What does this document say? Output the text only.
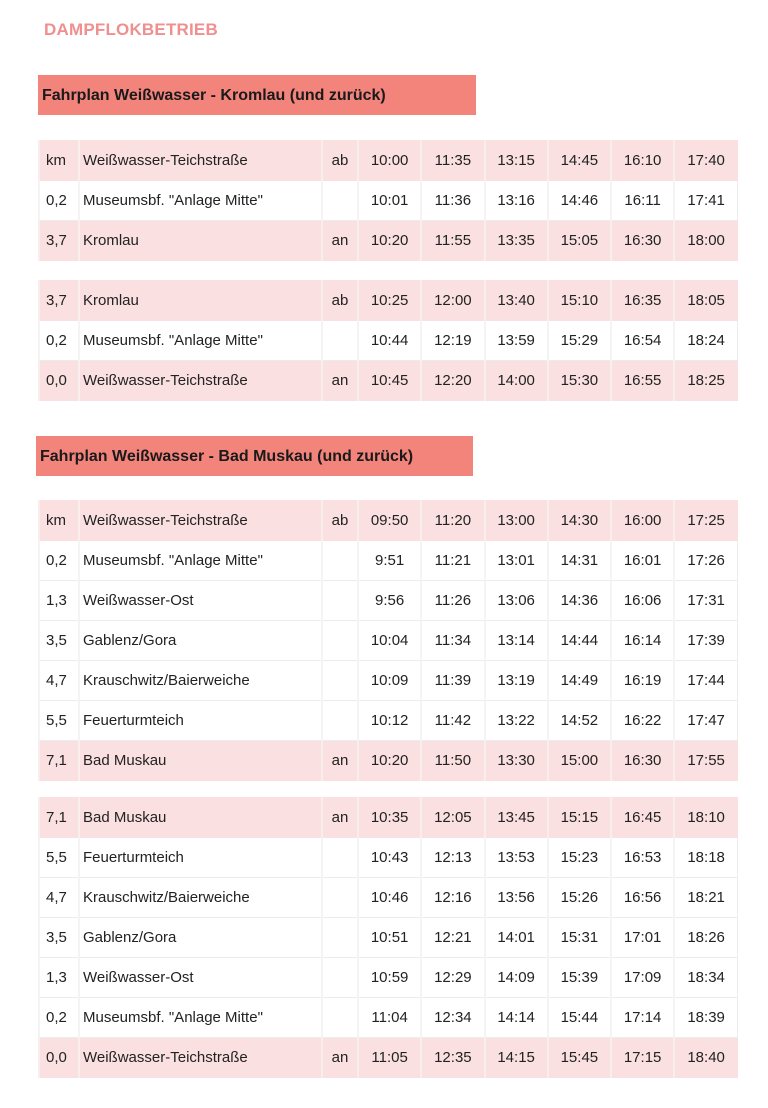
DAMPFLOKBETRIEB
Fahrplan Weißwasser - Kromlau (und zurück)
km	Weißwasser-Teichstraße	ab	10:00	11:35	13:15	14:45	16:10	17:40
0,2	Museumsbf. "Anlage Mitte"		10:01	11:36	13:16	14:46	16:11	17:41
3,7	Kromlau	an	10:20	11:55	13:35	15:05	16:30	18:00
3,7	Kromlau	ab	10:25	12:00	13:40	15:10	16:35	18:05
0,2	Museumsbf. "Anlage Mitte"		10:44	12:19	13:59	15:29	16:54	18:24
0,0	Weißwasser-Teichstraße	an	10:45	12:20	14:00	15:30	16:55	18:25
Fahrplan Weißwasser - Bad Muskau (und zurück)
km	Weißwasser-Teichstraße	ab	09:50	11:20	13:00	14:30	16:00	17:25
0,2	Museumsbf. "Anlage Mitte"		9:51	11:21	13:01	14:31	16:01	17:26
1,3	Weißwasser-Ost		9:56	11:26	13:06	14:36	16:06	17:31
3,5	Gablenz/Gora		10:04	11:34	13:14	14:44	16:14	17:39
4,7	Krauschwitz/Baierweiche		10:09	11:39	13:19	14:49	16:19	17:44
5,5	Feuerturmteich		10:12	11:42	13:22	14:52	16:22	17:47
7,1	Bad Muskau	an	10:20	11:50	13:30	15:00	16:30	17:55
7,1	Bad Muskau	an	10:35	12:05	13:45	15:15	16:45	18:10
5,5	Feuerturmteich		10:43	12:13	13:53	15:23	16:53	18:18
4,7	Krauschwitz/Baierweiche		10:46	12:16	13:56	15:26	16:56	18:21
3,5	Gablenz/Gora		10:51	12:21	14:01	15:31	17:01	18:26
1,3	Weißwasser-Ost		10:59	12:29	14:09	15:39	17:09	18:34
0,2	Museumsbf. "Anlage Mitte"		11:04	12:34	14:14	15:44	17:14	18:39
0,0	Weißwasser-Teichstraße	an	11:05	12:35	14:15	15:45	17:15	18:40
